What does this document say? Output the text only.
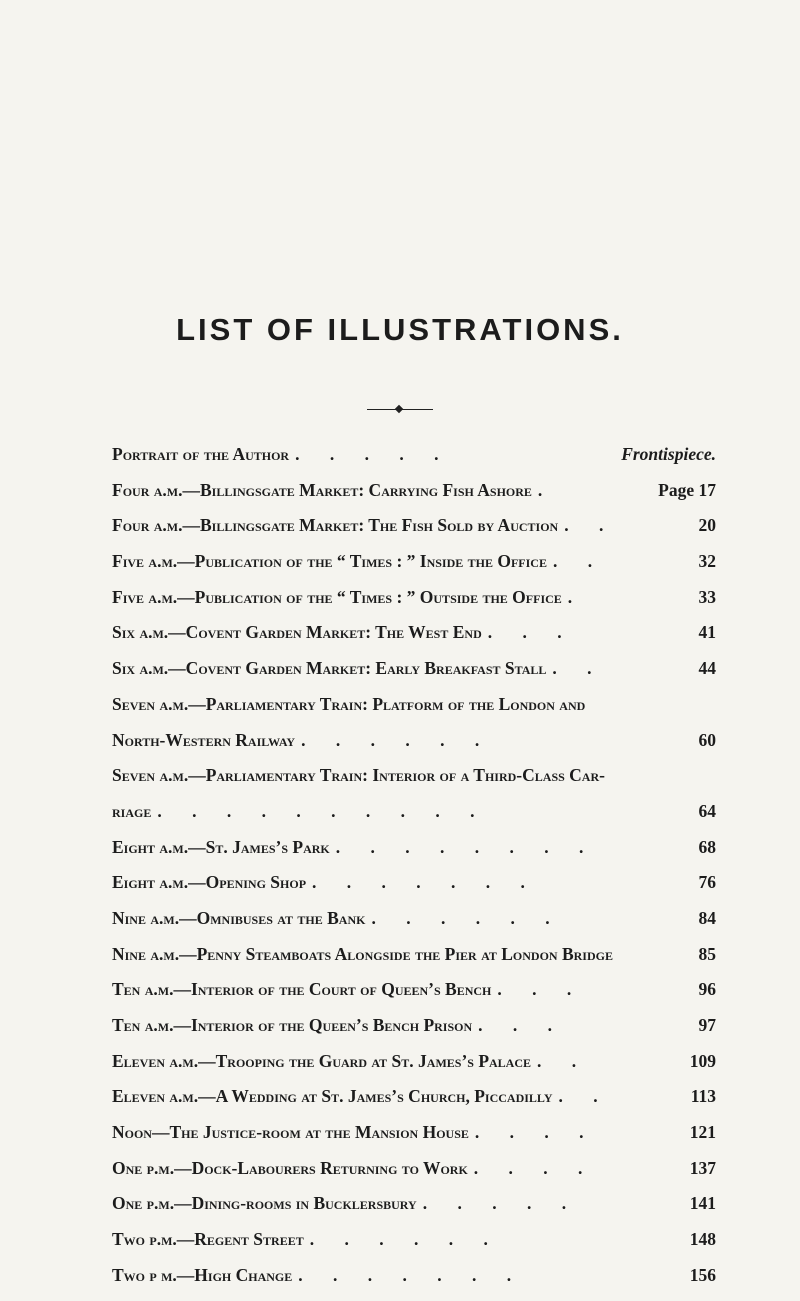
LIST OF ILLUSTRATIONS.
Portrait of the Author . . . . .	Frontispiece.
Four a.m.—Billingsgate Market: Carrying Fish Ashore .	Page 17
Four a.m.—Billingsgate Market: The Fish Sold by Auction . .	20
Five a.m.—Publication of the “ Times : ” Inside the Office . .	32
Five a.m.—Publication of the “ Times : ” Outside the Office .	33
Six a.m.—Covent Garden Market: The West End . . .	41
Six a.m.—Covent Garden Market: Early Breakfast Stall . .	44
Seven a.m.—Parliamentary Train: Platform of the London and
North-Western Railway . . . . . .	60
Seven a.m.—Parliamentary Train: Interior of a Third-Class Car-
riage . . . . . . . . . .	64
Eight a.m.—St. James’s Park . . . . . . . .	68
Eight a.m.—Opening Shop . . . . . . .	76
Nine a.m.—Omnibuses at the Bank . . . . . .	84
Nine a.m.—Penny Steamboats Alongside the Pier at London Bridge	85
Ten a.m.—Interior of the Court of Queen’s Bench . . .	96
Ten a.m.—Interior of the Queen’s Bench Prison . . .	97
Eleven a.m.—Trooping the Guard at St. James’s Palace . .	109
Eleven a.m.—A Wedding at St. James’s Church, Piccadilly . .	113
Noon—The Justice-room at the Mansion House . . . .	121
One p.m.—Dock-Labourers Returning to Work . . . .	137
One p.m.—Dining-rooms in Bucklersbury . . . . .	141
Two p.m.—Regent Street . . . . . .	148
Two p m.—High Change . . . . . . .	156
